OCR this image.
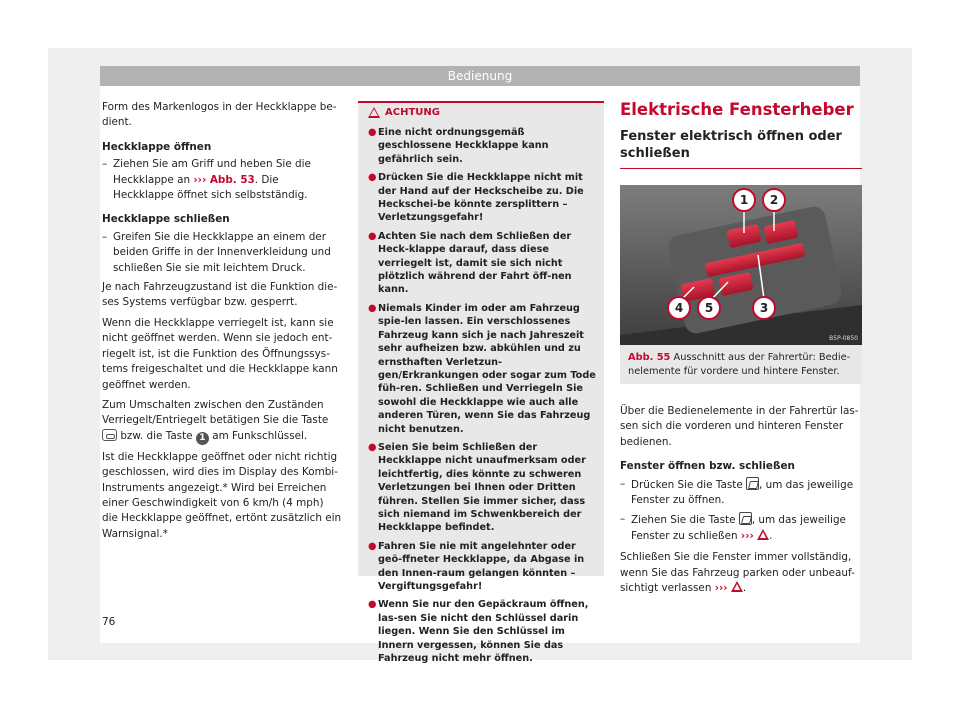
Bedienung

Form des Markenlogos in der Heckklappe be-dient.

Heckklappe öffnen
– Ziehen Sie am Griff und heben Sie die Heckklappe an ››› Abb. 53. Die Heckklappe öffnet sich selbstständig.
Heckklappe schließen
– Greifen Sie die Heckklappe an einem der beiden Griffe in der Innenverkleidung und schließen Sie sie mit leichtem Druck.

Je nach Fahrzeugzustand ist die Funktion die-ses Systems verfügbar bzw. gesperrt.

Wenn die Heckklappe verriegelt ist, kann sie nicht geöffnet werden. Wenn sie jedoch ent-riegelt ist, ist die Funktion des Öffnungssys-tems freigeschaltet und die Heckklappe kann geöffnet werden.

Zum Umschalten zwischen den Zuständen Verriegelt/Entriegelt betätigen Sie die Taste  bzw. die Taste 1 am Funkschlüssel.

Ist die Heckklappe geöffnet oder nicht richtig geschlossen, wird dies im Display des Kombi-Instruments angezeigt.* Wird bei Erreichen einer Geschwindigkeit von 6 km/h (4 mph) die Heckklappe geöffnet, ertönt zusätzlich ein Warnsignal.*

ACHTUNG
● Eine nicht ordnungsgemäß geschlossene Heckklappe kann gefährlich sein.
● Drücken Sie die Heckklappe nicht mit der Hand auf der Heckscheibe zu. Die Heckschei-be könnte zersplittern – Verletzungsgefahr!
● Achten Sie nach dem Schließen der Heck-klappe darauf, dass diese verriegelt ist, damit sie sich nicht plötzlich während der Fahrt öff-nen kann.
● Niemals Kinder im oder am Fahrzeug spie-len lassen. Ein verschlossenes Fahrzeug kann sich je nach Jahreszeit sehr aufheizen bzw. abkühlen und zu ernsthaften Verletzun-gen/Erkrankungen oder sogar zum Tode füh-ren. Schließen und Verriegeln Sie sowohl die Heckklappe wie auch alle anderen Türen, wenn Sie das Fahrzeug nicht benutzen.
● Seien Sie beim Schließen der Heckklappe nicht unaufmerksam oder leichtfertig, dies könnte zu schweren Verletzungen bei Ihnen oder Dritten führen. Stellen Sie immer sicher, dass sich niemand im Schwenkbereich der Heckklappe befindet.
● Fahren Sie nie mit angelehnter oder geö-ffneter Heckklappe, da Abgase in den Innen-raum gelangen könnten – Vergiftungsgefahr!
● Wenn Sie nur den Gepäckraum öffnen, las-sen Sie nicht den Schlüssel darin liegen. Wenn Sie den Schlüssel im Innern vergessen, können Sie das Fahrzeug nicht mehr öffnen.
Elektrische Fensterheber
Fenster elektrisch öffnen oder schließen
1 2
3
4 5
B5P-0850
Abb. 55 Ausschnitt aus der Fahrertür: Bedie-nelemente für vordere und hintere Fenster.

Über die Bedienelemente in der Fahrertür las-sen sich die vorderen und hinteren Fenster bedienen.

Fenster öffnen bzw. schließen
– Drücken Sie die Taste , um das jeweilige Fenster zu öffnen.
– Ziehen Sie die Taste , um das jeweilige Fenster zu schließen ››› .

Schließen Sie die Fenster immer vollständig, wenn Sie das Fahrzeug parken oder unbeauf-sichtigt verlassen ››› .

76
